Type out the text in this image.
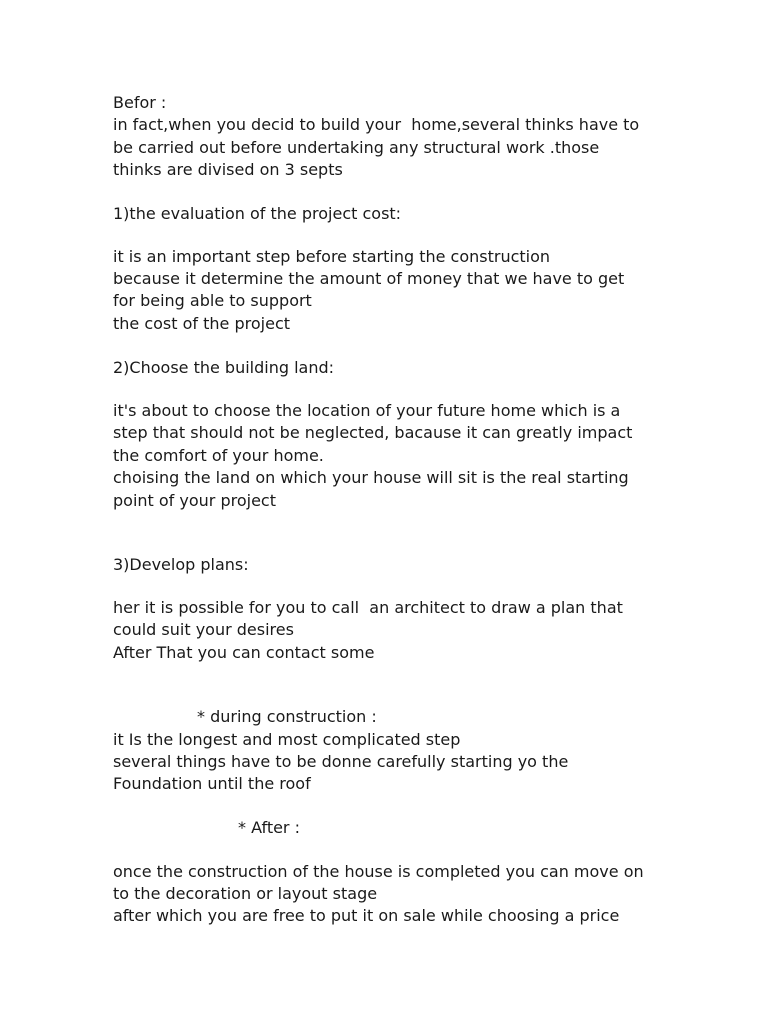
Befor :
in fact,when you decid to build your  home,several thinks have to
be carried out before undertaking any structural work .those
thinks are divised on 3 septs
1)the evaluation of the project cost:
it is an important step before starting the construction
because it determine the amount of money that we have to get
for being able to support
the cost of the project
2)Choose the building land:
it's about to choose the location of your future home which is a
step that should not be neglected, bacause it can greatly impact
the comfort of your home.
choising the land on which your house will sit is the real starting
point of your project
3)Develop plans:
her it is possible for you to call  an architect to draw a plan that
could suit your desires
After That you can contact some
* during construction :
it Is the longest and most complicated step
several things have to be donne carefully starting yo the
Foundation until the roof
* After :
once the construction of the house is completed you can move on
to the decoration or layout stage
after which you are free to put it on sale while choosing a price
